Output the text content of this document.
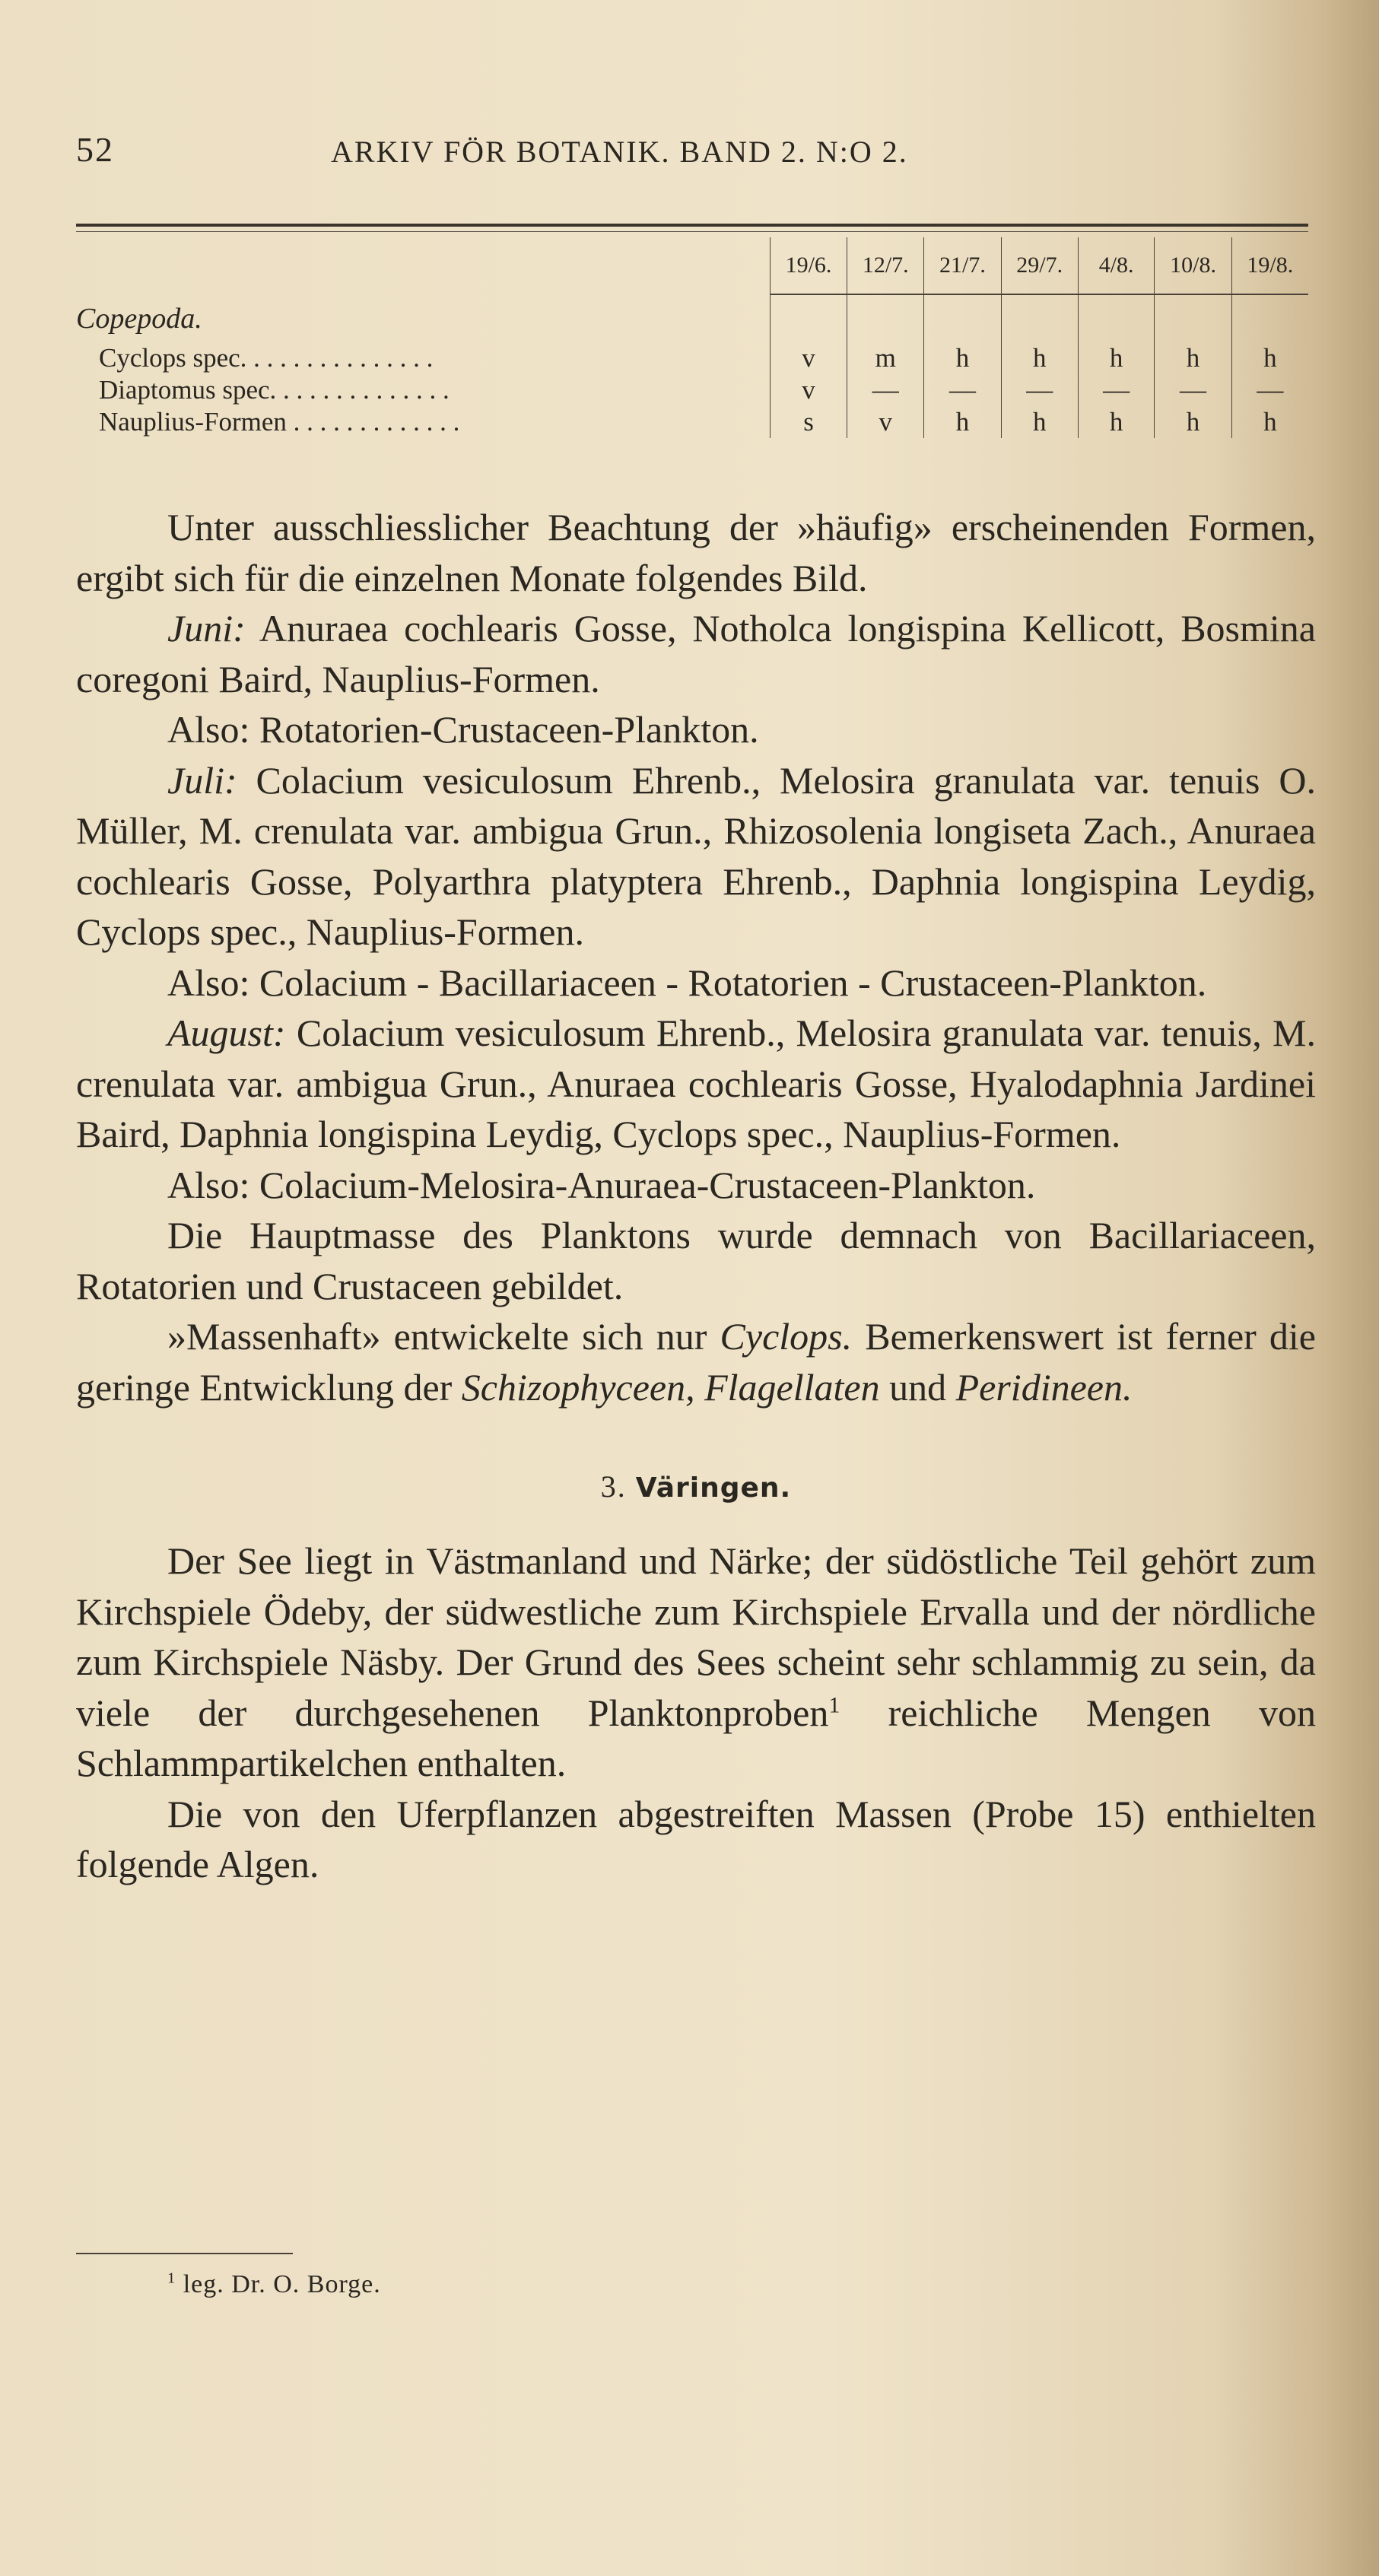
52	ARKIV FÖR BOTANIK. BAND 2. N:O 2.
	19/6.	12/7.	21/7.	29/7.	4/8.	10/8.	19/8.
Copepoda.							
Cyclops spec. . . . . . . . . . . . . . .	v	m	h	h	h	h	h
Diaptomus spec. . . . . . . . . . . . . .	v	—	—	—	—	—	—
Nauplius-Formen . . . . . . . . . . . . .	s	v	h	h	h	h	h

Unter ausschliesslicher Beachtung der »häufig» erscheinenden Formen, ergibt sich für die einzelnen Monate folgendes Bild.

Juni: Anuraea cochlearis Gosse, Notholca longispina Kellicott, Bosmina coregoni Baird, Nauplius-Formen.

Also: Rotatorien-Crustaceen-Plankton.

Juli: Colacium vesiculosum Ehrenb., Melosira granulata var. tenuis O. Müller, M. crenulata var. ambigua Grun., Rhizosolenia longiseta Zach., Anuraea cochlearis Gosse, Polyarthra platyptera Ehrenb., Daphnia longispina Leydig, Cyclops spec., Nauplius-Formen.

Also: Colacium - Bacillariaceen - Rotatorien - Crustaceen-Plankton.

August: Colacium vesiculosum Ehrenb., Melosira granulata var. tenuis, M. crenulata var. ambigua Grun., Anuraea cochlearis Gosse, Hyalodaphnia Jardinei Baird, Daphnia longispina Leydig, Cyclops spec., Nauplius-Formen.

Also: Colacium-Melosira-Anuraea-Crustaceen-Plankton.

Die Hauptmasse des Planktons wurde demnach von Bacillariaceen, Rotatorien und Crustaceen gebildet.

»Massenhaft» entwickelte sich nur Cyclops. Bemerkenswert ist ferner die geringe Entwicklung der Schizophyceen, Flagellaten und Peridineen.

3. Väringen.

Der See liegt in Västmanland und Närke; der südöstliche Teil gehört zum Kirchspiele Ödeby, der südwestliche zum Kirchspiele Ervalla und der nördliche zum Kirchspiele Näsby. Der Grund des Sees scheint sehr schlammig zu sein, da viele der durchgesehenen Planktonproben$^1$ reichliche Mengen von Schlammpartikelchen enthalten.

Die von den Uferpflanzen abgestreiften Massen (Probe 15) enthielten folgende Algen.

$^1$ leg. Dr. O. Borge.
